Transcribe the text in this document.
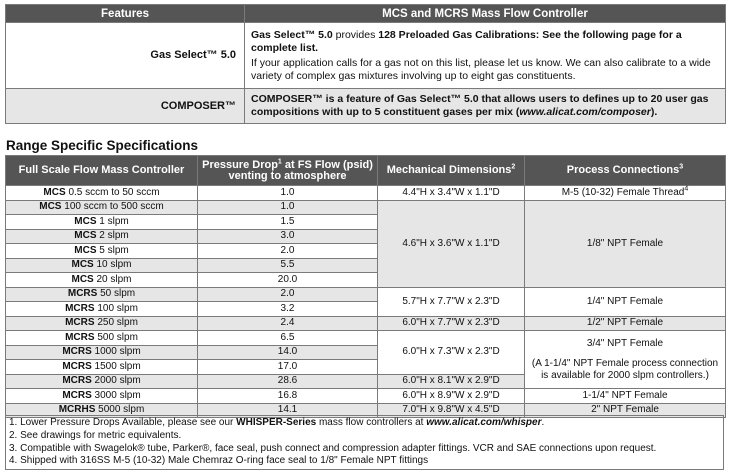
Features	MCS and MCRS Mass Flow Controller
Gas Select™ 5.0	Gas Select™ 5.0 provides 128 Preloaded Gas Calibrations: See the following page for a complete list.

If your application calls for a gas not on this list, please let us know. We can also calibrate to a wide variety of complex gas mixtures involving up to eight gas constituents.

COMPOSER™	COMPOSER™ is a feature of Gas Select™ 5.0 that allows users to defines up to 20 user gas compositions with up to 5 constituent gases per mix (www.alicat.com/composer).
Range Specific Specifications
Full Scale Flow Mass Controller	Pressure Drop$^1$ at FS Flow (psid) venting to atmosphere	Mechanical Dimensions$^2$	Process Connections$^3$
MCS 0.5 sccm to 50 sccm	1.0	4.4"H x 3.4"W x 1.1"D	M-5 (10-32) Female Thread$^4$
MCS 100 sccm to 500 sccm	1.0	4.6"H x 3.6"W x 1.1"D	1/8" NPT Female
MCS 1 slpm	1.5		
MCS 2 slpm	3.0		
MCS 5 slpm	2.0		
MCS 10 slpm	5.5		
MCS 20 slpm	20.0		
MCRS 50 slpm	2.0	5.7"H x 7.7"W x 2.3"D	1/4" NPT Female
MCRS 100 slpm	3.2		
MCRS 250 slpm	2.4	6.0"H x 7.7"W x 2.3"D	1/2" NPT Female
MCRS 500 slpm	6.5	6.0"H x 7.3"W x 2.3"D	3/4" NPT Female
(A 1-1/4" NPT Female process connection is available for 2000 slpm controllers.)

MCRS 1000 slpm	14.0		
MCRS 1500 slpm	17.0		
MCRS 2000 slpm	28.6	6.0"H x 8.1"W x 2.9"D	
MCRS 3000 slpm	16.8	6.0"H x 8.9"W x 2.9"D	1-1/4" NPT Female
MCRHS 5000 slpm	14.1	7.0"H x 9.8"W x 4.5"D	2" NPT Female
1. Lower Pressure Drops Available, please see our WHISPER-Series mass flow controllers at www.alicat.com/whisper.
2. See drawings for metric equivalents.
3. Compatible with Swagelok® tube, Parker®, face seal, push connect and compression adapter fittings. VCR and SAE connections upon request.
4. Shipped with 316SS M-5 (10-32) Male Chemraz O-ring face seal to 1/8" Female NPT fittings
